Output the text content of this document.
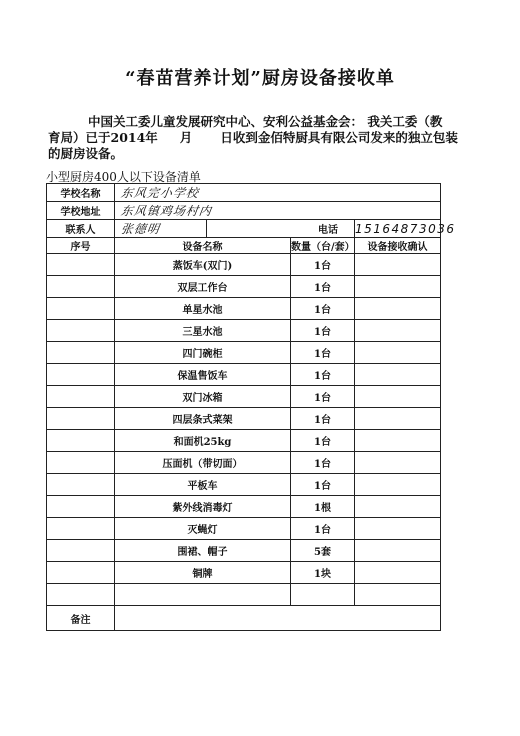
“春苗营养计划”厨房设备接收单
中国关工委儿童发展研究中心、安利公益基金会： 我关工委（教
育局）已于2014年 月 日收到金佰特厨具有限公司发来的独立包装
的厨房设备。
小型厨房400人以下设备清单
学校名称	东风完小学校			
学校地址	东风镇鸡场村内			
联系人	张德明	电话		15164873036
序号	设备名称		数量（台/套）	设备接收确认
	蒸饭车(双门)		1台	
	双层工作台		1台	
	单星水池		1台	
	三星水池		1台	
	四门碗柜		1台	
	保温售饭车		1台	
	双门冰箱		1台	
	四层条式菜架		1台	
	和面机25kg		1台	
	压面机（带切面）		1台	
	平板车		1台	
	紫外线消毒灯		1根	
	灭蝇灯		1台	
	围裙、帽子		5套	
	铜牌		1块	

备注				
